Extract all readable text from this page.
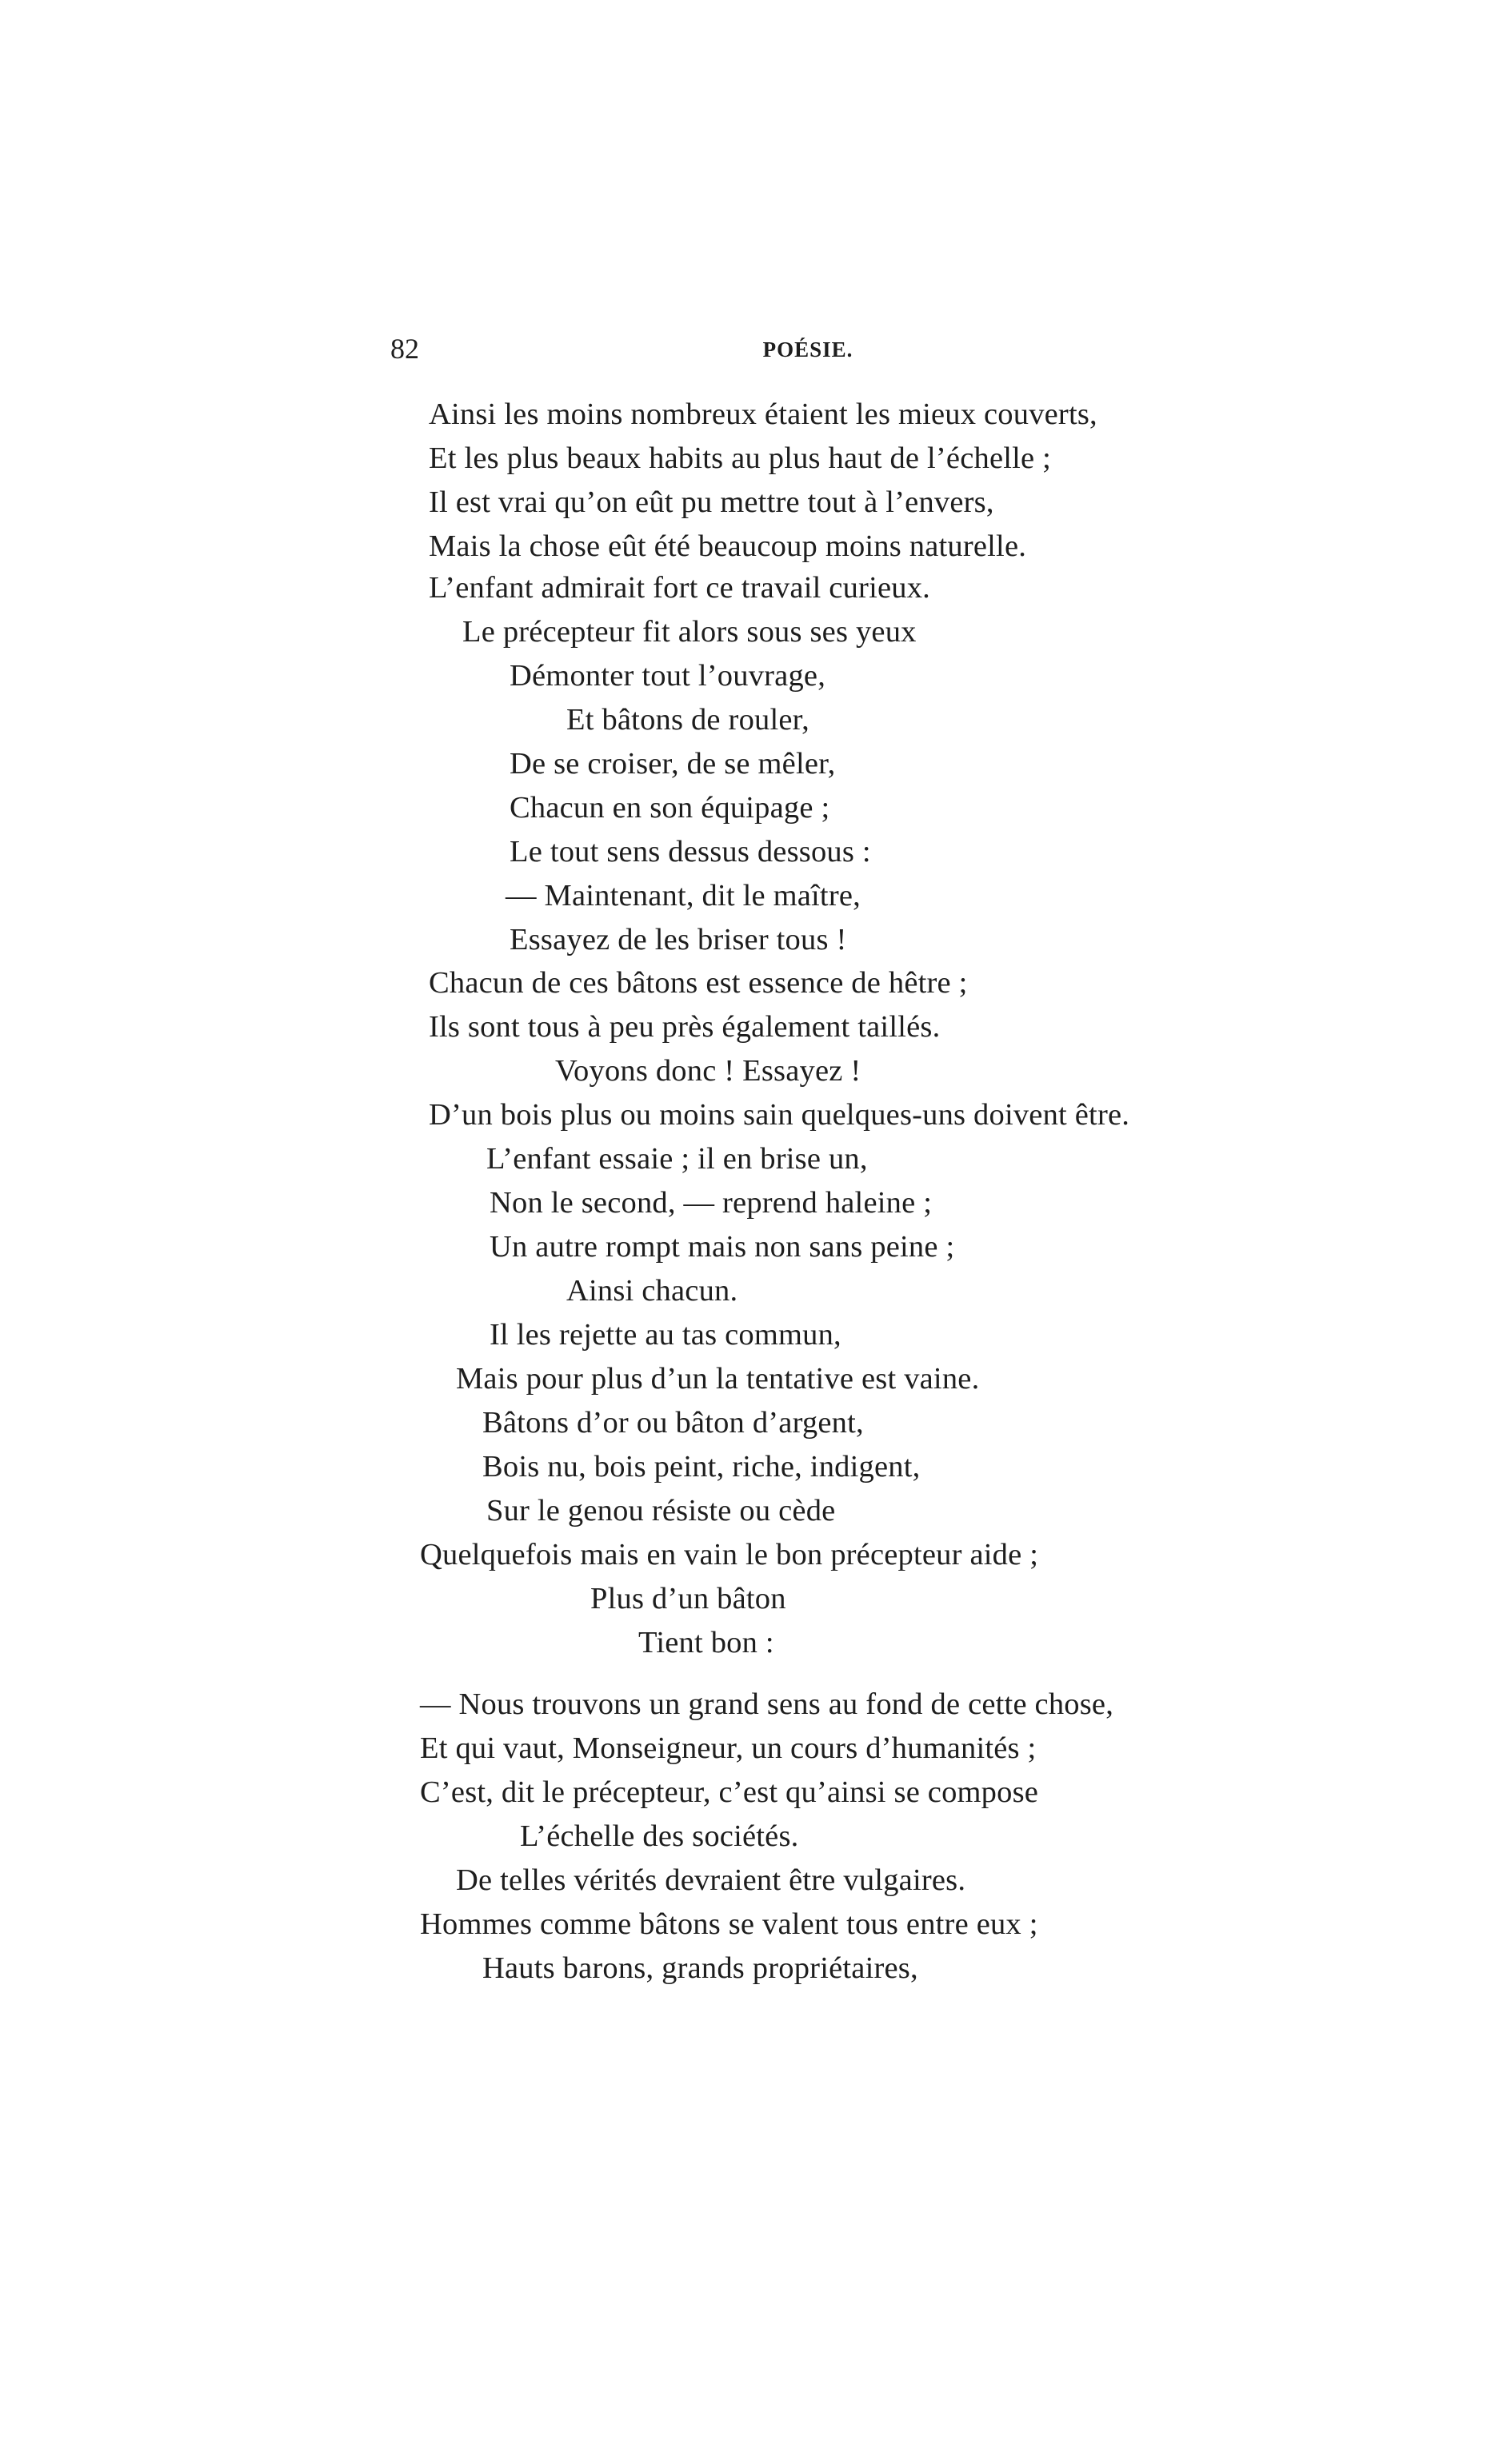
82	POÉSIE.
Ainsi les moins nombreux étaient les mieux couverts,
Et les plus beaux habits au plus haut de l’échelle ;
Il est vrai qu’on eût pu mettre tout à l’envers,
Mais la chose eût été beaucoup moins naturelle.
L’enfant admirait fort ce travail curieux.
Le précepteur fit alors sous ses yeux
Démonter tout l’ouvrage,
Et bâtons de rouler,
De se croiser, de se mêler,
Chacun en son équipage ;
Le tout sens dessus dessous :
— Maintenant, dit le maître,
Essayez de les briser tous !
Chacun de ces bâtons est essence de hêtre ;
Ils sont tous à peu près également taillés.
Voyons donc ! Essayez !
D’un bois plus ou moins sain quelques-uns doivent être.
L’enfant essaie ; il en brise un,
Non le second, — reprend haleine ;
Un autre rompt mais non sans peine ;
Ainsi chacun.
Il les rejette au tas commun,
Mais pour plus d’un la tentative est vaine.
Bâtons d’or ou bâton d’argent,
Bois nu, bois peint, riche, indigent,
Sur le genou résiste ou cède
Quelquefois mais en vain le bon précepteur aide ;
Plus d’un bâton
Tient bon :
— Nous trouvons un grand sens au fond de cette chose,
Et qui vaut, Monseigneur, un cours d’humanités ;
C’est, dit le précepteur, c’est qu’ainsi se compose
L’échelle des sociétés.
De telles vérités devraient être vulgaires.
Hommes comme bâtons se valent tous entre eux ;
Hauts barons, grands propriétaires,
